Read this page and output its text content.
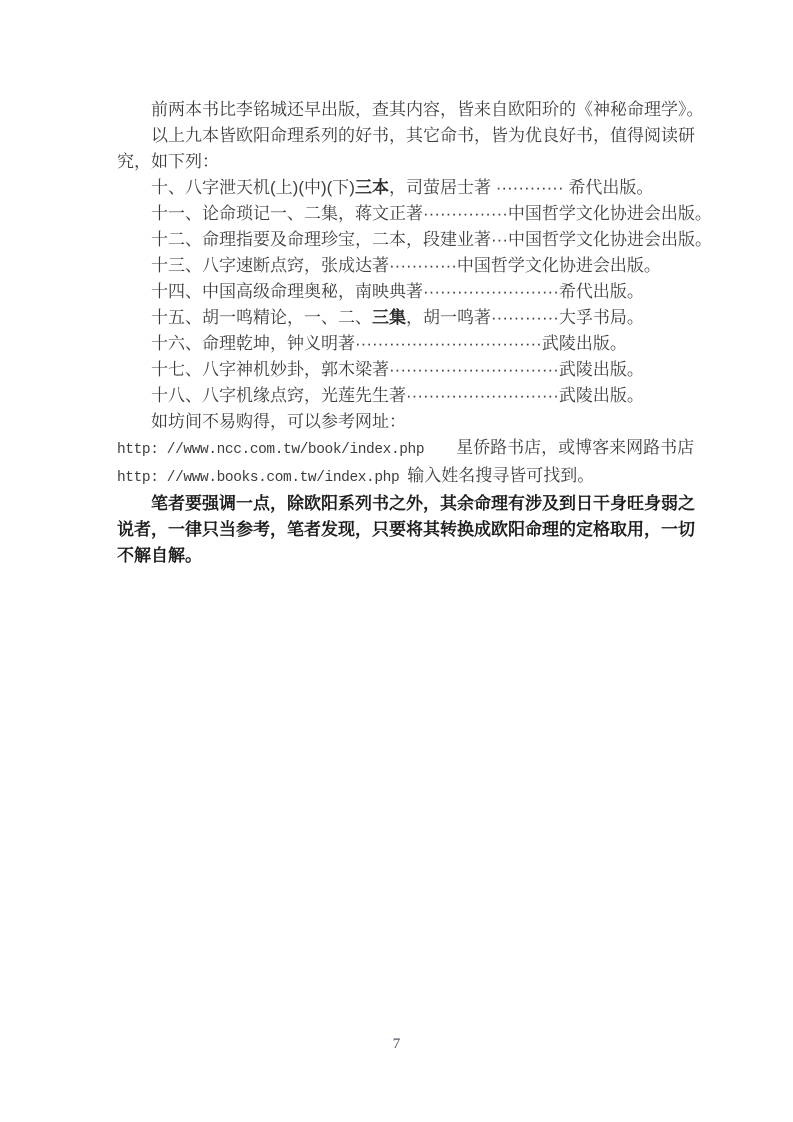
前两本书比李铭城还早出版，查其内容，皆来自欧阳玠的《神秘命理学》。

以上九本皆欧阳命理系列的好书，其它命书，皆为优良好书，值得阅读研

究，如下列：

十、八字泄天机(上)(中)(下)三本，司萤居士著 ············ 希代出版。

十一、论命琐记一、二集，蒋文正著···············中国哲学文化协进会出版。

十二、命理指要及命理珍宝，二本，段建业著···中国哲学文化协进会出版。

十三、八字速断点窍，张成达著············中国哲学文化协进会出版。

十四、中国高级命理奥秘，南映典著························希代出版。

十五、胡一鸣精论，一、二、三集，胡一鸣著············大孚书局。

十六、命理乾坤，钟义明著·································武陵出版。

十七、八字神机妙卦，郭木梁著······························武陵出版。

十八、八字机缘点窍，光莲先生著···························武陵出版。

如坊间不易购得，可以参考网址：

http: //www.ncc.com.tw/book/index.php 星侨路书店，或博客来网路书店

http: //www.books.com.tw/index.php 输入姓名搜寻皆可找到。

笔者要强调一点，除欧阳系列书之外，其余命理有涉及到日干身旺身弱之

说者，一律只当参考，笔者发现，只要将其转换成欧阳命理的定格取用，一切

不解自解。

7
